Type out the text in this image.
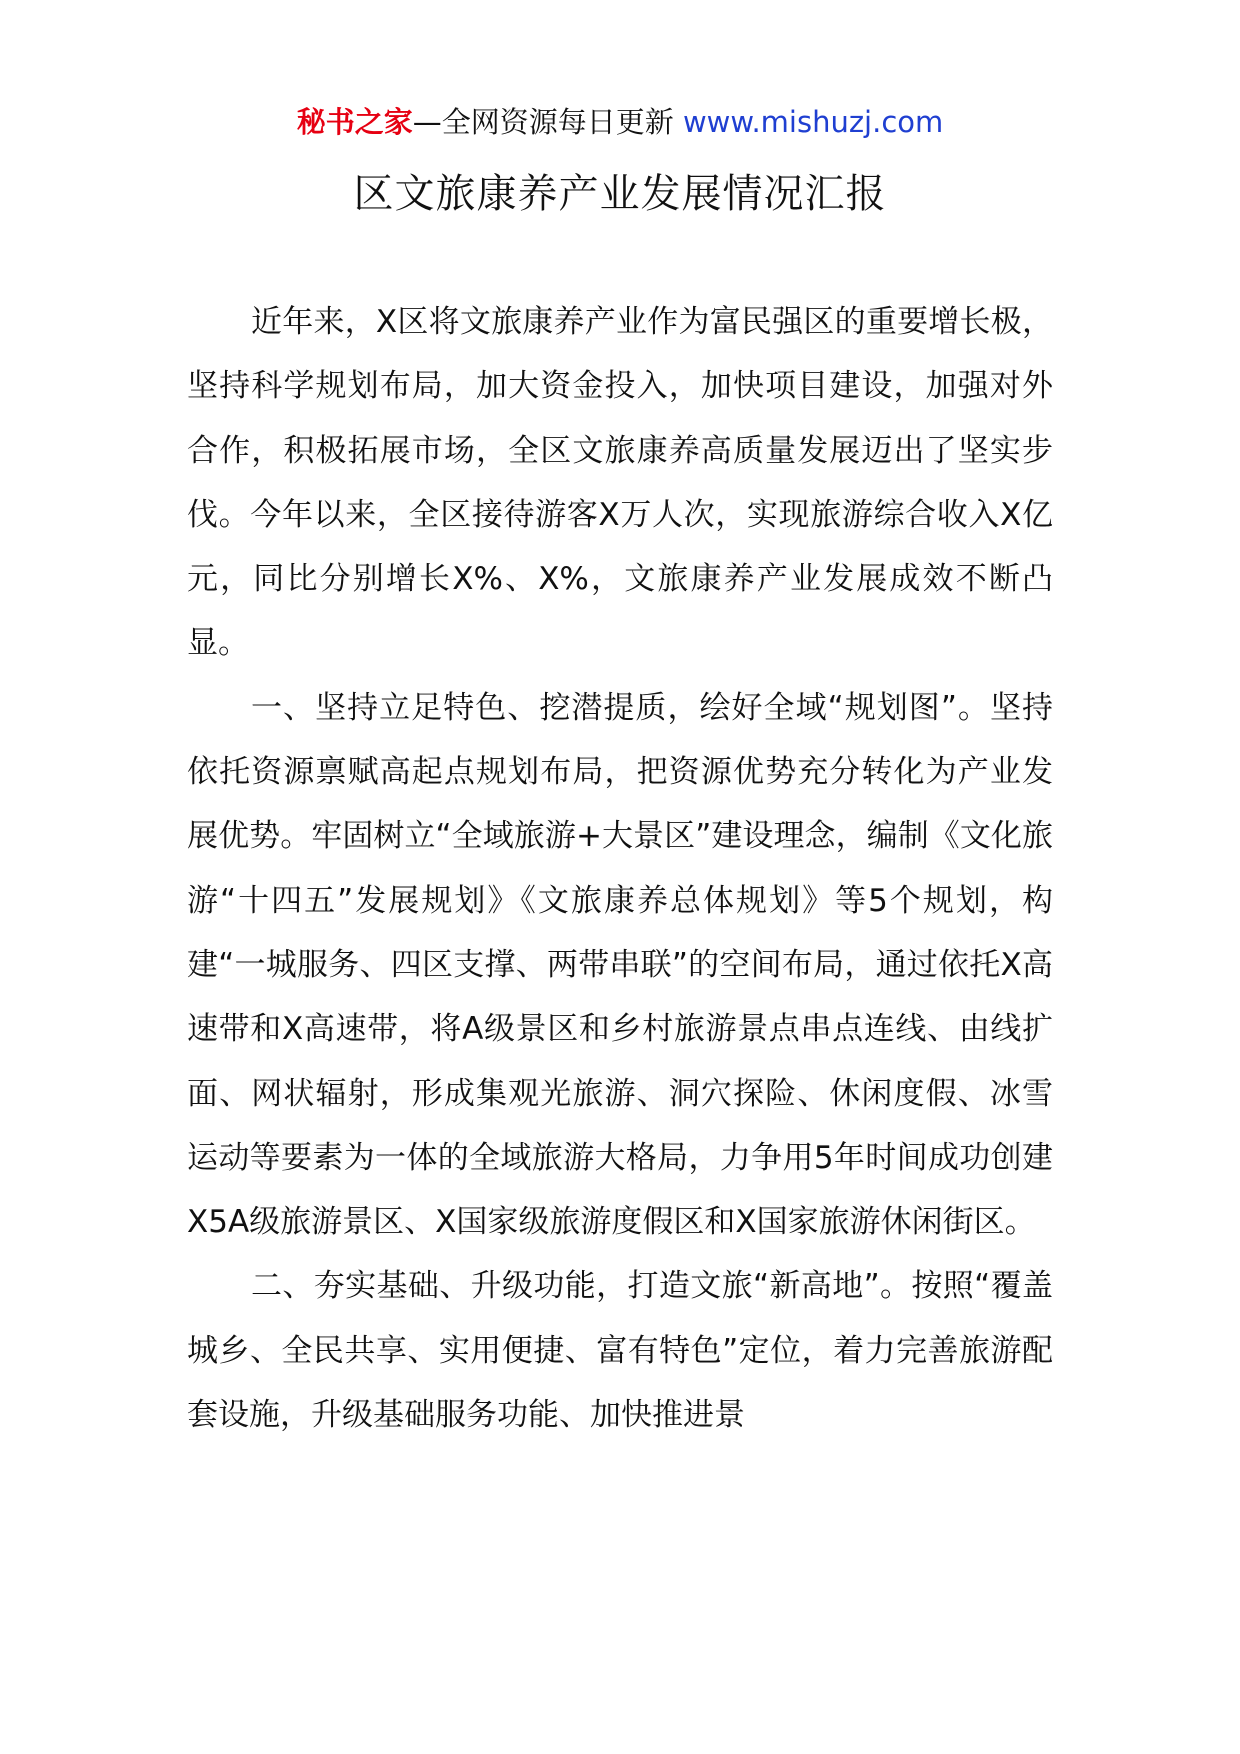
秘书之家—全网资源每日更新 www.mishuzj.com
区文旅康养产业发展情况汇报

近年来，X区将文旅康养产业作为富民强区的重要增长极，坚持科学规划布局，加大资金投入，加快项目建设，加强对外合作，积极拓展市场，全区文旅康养高质量发展迈出了坚实步伐。今年以来，全区接待游客X万人次，实现旅游综合收入X亿元，同比分别增长X%、X%，文旅康养产业发展成效不断凸显。

一、坚持立足特色、挖潜提质，绘好全域“规划图”。坚持依托资源禀赋高起点规划布局，把资源优势充分转化为产业发展优势。牢固树立“全域旅游+大景区”建设理念，编制《文化旅游“十四五”发展规划》《文旅康养总体规划》等5个规划，构建“一城服务、四区支撑、两带串联”的空间布局，通过依托X高速带和X高速带，将A级景区和乡村旅游景点串点连线、由线扩面、网状辐射，形成集观光旅游、洞穴探险、休闲度假、冰雪运动等要素为一体的全域旅游大格局，力争用5年时间成功创建X5A级旅游景区、X国家级旅游度假区和X国家旅游休闲街区。

二、夯实基础、升级功能，打造文旅“新高地”。按照“覆盖城乡、全民共享、实用便捷、富有特色”定位，着力完善旅游配套设施，升级基础服务功能、加快推进景
